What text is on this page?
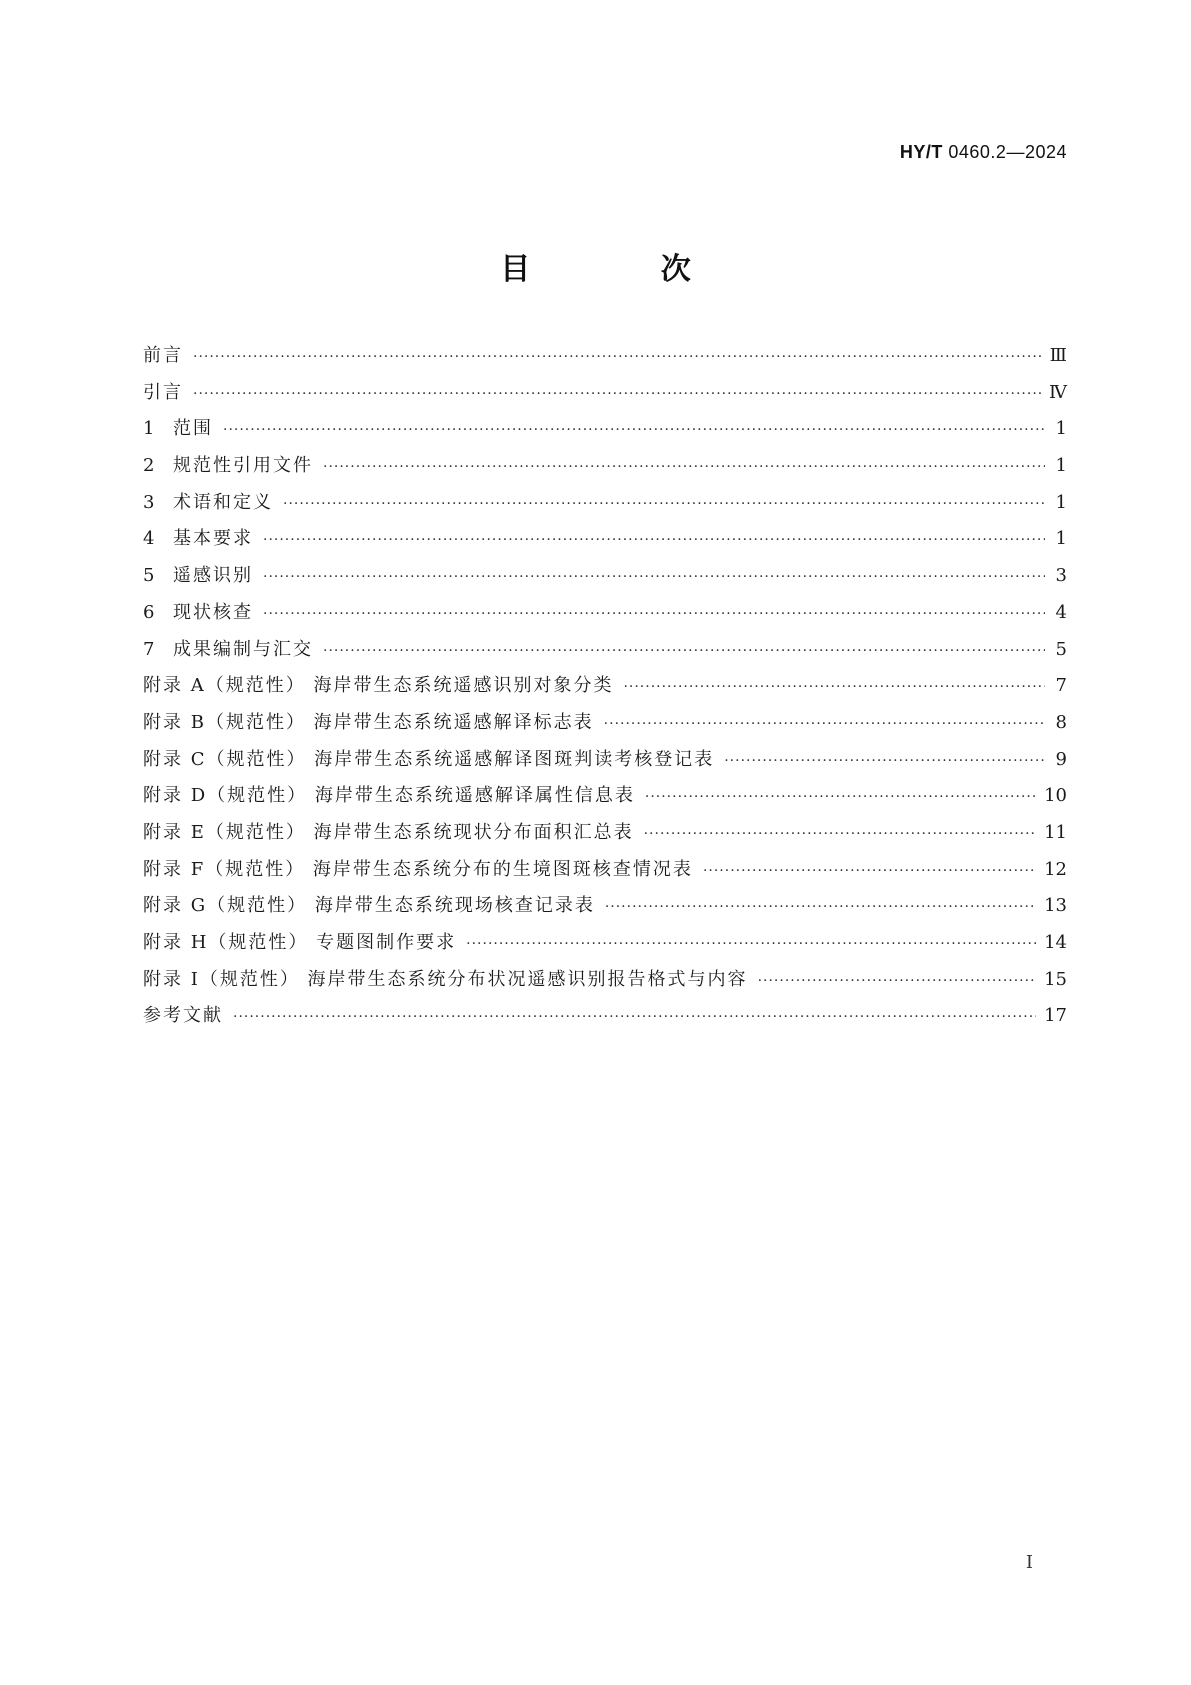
HY/T 0460.2—2024
目 次
前言 ·····	Ⅲ
引言 ·····	Ⅳ
1	范围 ·····	1
2	规范性引用文件 ·····	1
3	术语和定义 ·····	1
4	基本要求 ·····	1
5	遥感识别 ·····	3
6	现状核查 ·····	4
7	成果编制与汇交 ·····	5
附录 A（规范性） 海岸带生态系统遥感识别对象分类 ·····	7
附录 B（规范性） 海岸带生态系统遥感解译标志表 ·····	8
附录 C（规范性） 海岸带生态系统遥感解译图斑判读考核登记表 ·····	9
附录 D（规范性） 海岸带生态系统遥感解译属性信息表 ·····	10
附录 E（规范性） 海岸带生态系统现状分布面积汇总表 ·····	11
附录 F（规范性） 海岸带生态系统分布的生境图斑核查情况表 ·····	12
附录 G（规范性） 海岸带生态系统现场核查记录表 ·····	13
附录 H（规范性） 专题图制作要求 ·····	14
附录 I（规范性） 海岸带生态系统分布状况遥感识别报告格式与内容 ·····	15
参考文献 ·····	17
Ⅰ
